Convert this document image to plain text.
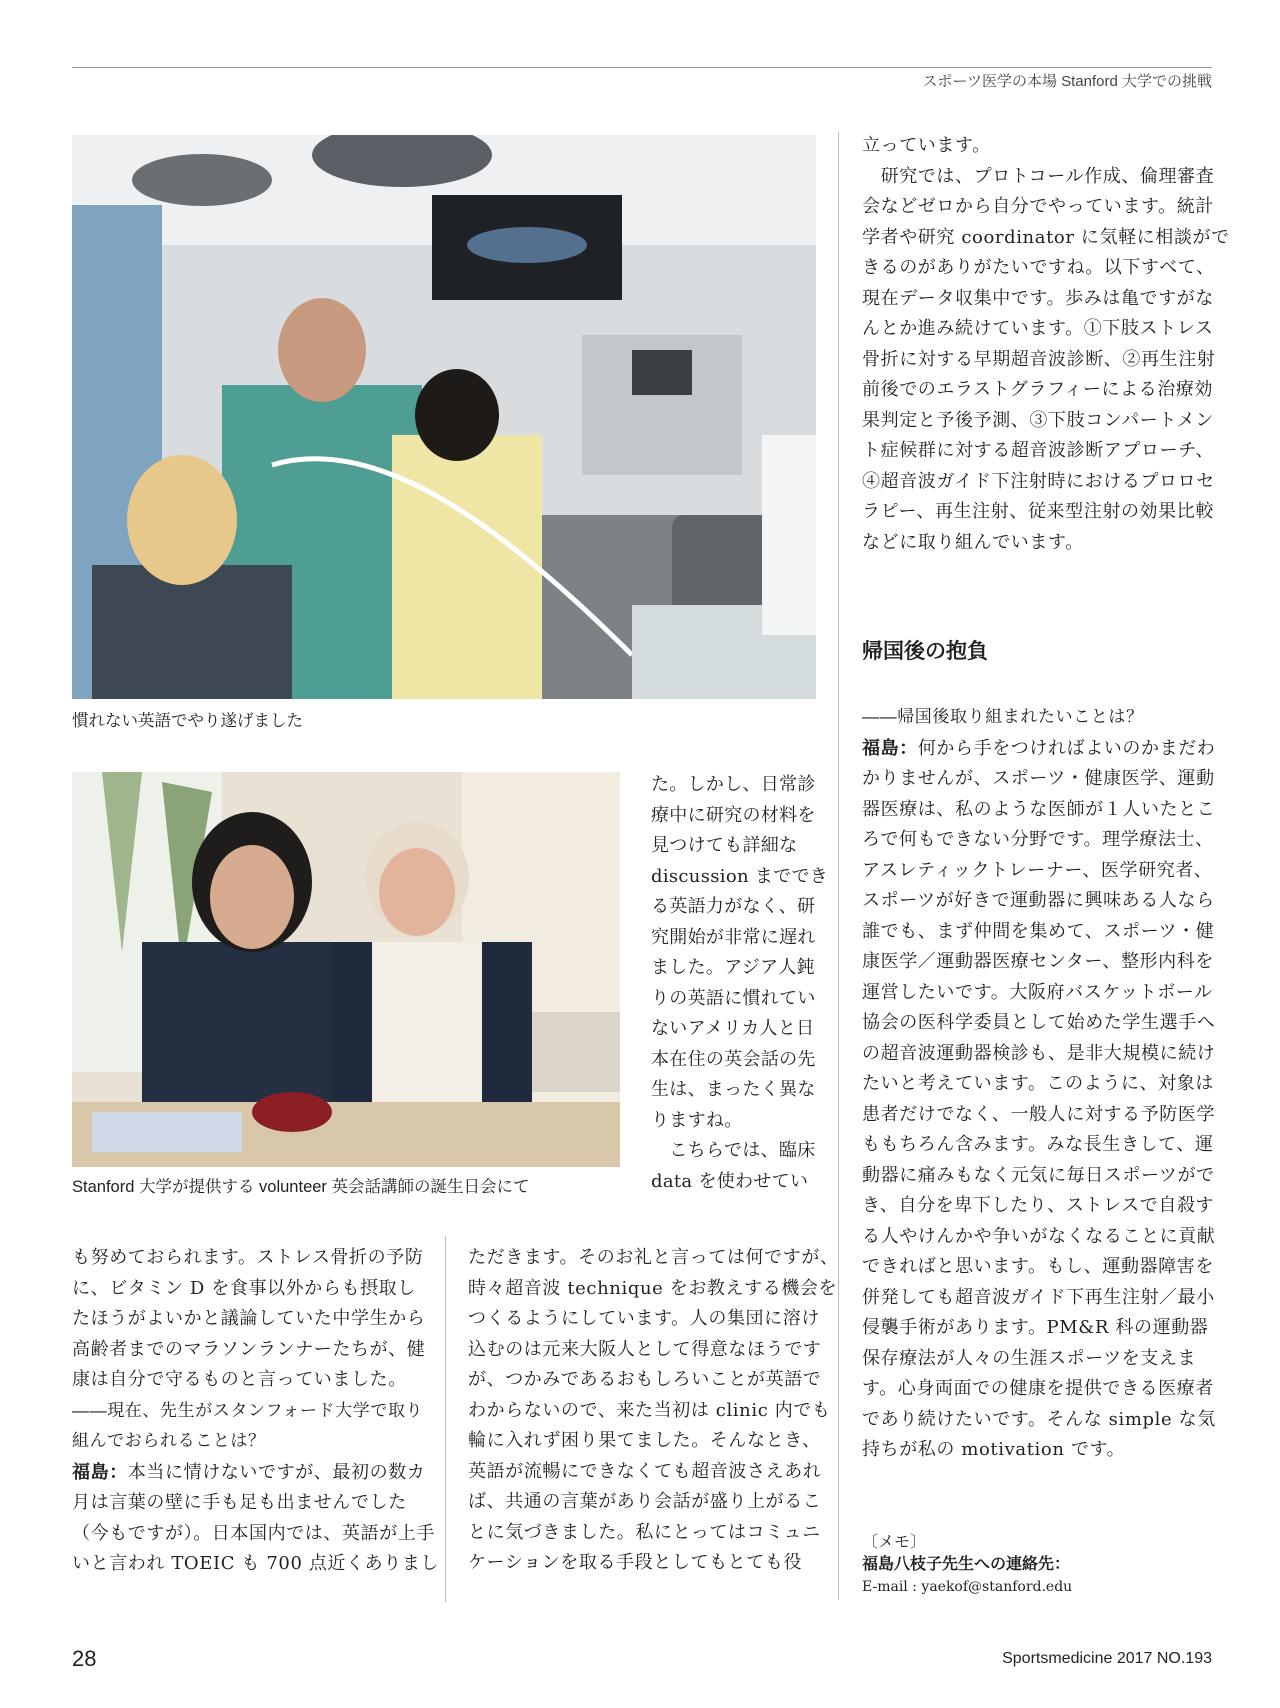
スポーツ医学の本場 Stanford 大学での挑戦
慣れない英語でやり遂げました
Stanford 大学が提供する volunteer 英会話講師の誕生日会にて
立っています。
　研究では、プロトコール作成、倫理審査
会などゼロから自分でやっています。統計
学者や研究 coordinator に気軽に相談がで
きるのがありがたいですね。以下すべて、
現在データ収集中です。歩みは亀ですがな
んとか進み続けています。①下肢ストレス
骨折に対する早期超音波診断、②再生注射
前後でのエラストグラフィーによる治療効
果判定と予後予測、③下肢コンパートメン
ト症候群に対する超音波診断アプローチ、
④超音波ガイド下注射時におけるプロロセ
ラピー、再生注射、従来型注射の効果比較
などに取り組んでいます。
帰国後の抱負
――帰国後取り組まれたいことは？
福島：何から手をつければよいのかまだわ
かりませんが、スポーツ・健康医学、運動
器医療は、私のような医師が１人いたとこ
ろで何もできない分野です。理学療法士、
アスレティックトレーナー、医学研究者、
スポーツが好きで運動器に興味ある人なら
誰でも、まず仲間を集めて、スポーツ・健
康医学／運動器医療センター、整形内科を
運営したいです。大阪府バスケットボール
協会の医科学委員として始めた学生選手へ
の超音波運動器検診も、是非大規模に続け
たいと考えています。このように、対象は
患者だけでなく、一般人に対する予防医学
ももちろん含みます。みな長生きして、運
動器に痛みもなく元気に毎日スポーツがで
き、自分を卑下したり、ストレスで自殺す
る人やけんかや争いがなくなることに貢献
できればと思います。もし、運動器障害を
併発しても超音波ガイド下再生注射／最小
侵襲手術があります。PM&R 科の運動器
保存療法が人々の生涯スポーツを支えま
す。心身両面での健康を提供できる医療者
であり続けたいです。そんな simple な気
持ちが私の motivation です。
た。しかし、日常診
療中に研究の材料を
見つけても詳細な
discussion まででき
る英語力がなく、研
究開始が非常に遅れ
ました。アジア人鈍
りの英語に慣れてい
ないアメリカ人と日
本在住の英会話の先
生は、まったく異な
りますね。
　こちらでは、臨床
data を使わせてい
も努めておられます。ストレス骨折の予防
に、ビタミン D を食事以外からも摂取し
たほうがよいかと議論していた中学生から
高齢者までのマラソンランナーたちが、健
康は自分で守るものと言っていました。
――現在、先生がスタンフォード大学で取り
組んでおられることは？
福島：本当に情けないですが、最初の数カ
月は言葉の壁に手も足も出ませんでした
（今もですが）。日本国内では、英語が上手
いと言われ TOEIC も 700 点近くありまし
ただきます。そのお礼と言っては何ですが、
時々超音波 technique をお教えする機会を
つくるようにしています。人の集団に溶け
込むのは元来大阪人として得意なほうです
が、つかみであるおもしろいことが英語で
わからないので、来た当初は clinic 内でも
輪に入れず困り果てました。そんなとき、
英語が流暢にできなくても超音波さえあれ
ば、共通の言葉があり会話が盛り上がるこ
とに気づきました。私にとってはコミュニ
ケーションを取る手段としてもとても役
〔メモ〕
福島八枝子先生への連絡先：
E-mail : yaekof@stanford.edu
28	Sportsmedicine 2017 NO.193
